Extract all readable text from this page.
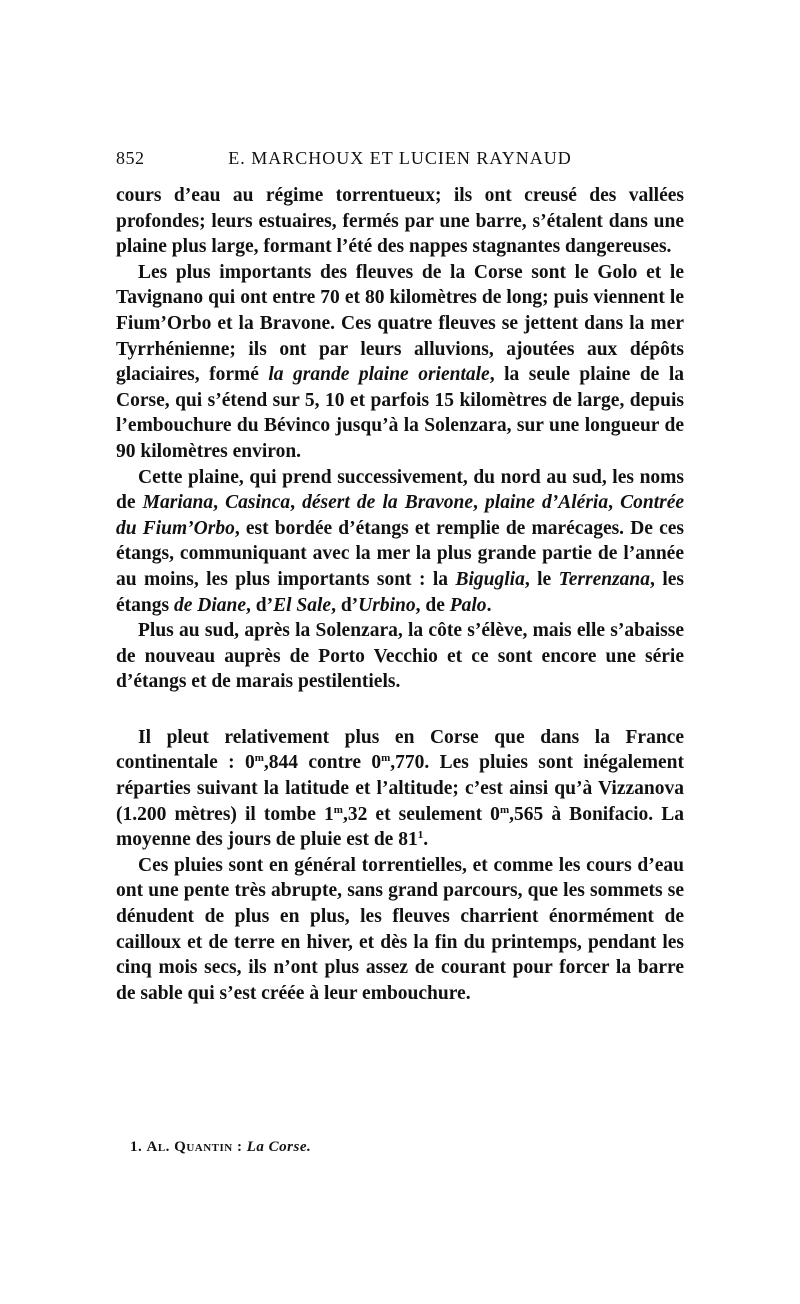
852	E. MARCHOUX ET LUCIEN RAYNAUD

cours d’eau au régime torrentueux; ils ont creusé des vallées profondes; leurs estuaires, fermés par une barre, s’étalent dans une plaine plus large, formant l’été des nappes stagnantes dangereuses.

Les plus importants des fleuves de la Corse sont le Golo et le Tavignano qui ont entre 70 et 80 kilomètres de long; puis viennent le Fium’Orbo et la Bravone. Ces quatre fleuves se jettent dans la mer Tyrrhénienne; ils ont par leurs alluvions, ajoutées aux dépôts glaciaires, formé la grande plaine orientale, la seule plaine de la Corse, qui s’étend sur 5, 10 et parfois 15 kilomètres de large, depuis l’embouchure du Bévinco jusqu’à la Solenzara, sur une longueur de 90 kilomètres environ.

Cette plaine, qui prend successivement, du nord au sud, les noms de Mariana, Casinca, désert de la Bravone, plaine d’Aléria, Contrée du Fium’Orbo, est bordée d’étangs et remplie de marécages. De ces étangs, communiquant avec la mer la plus grande partie de l’année au moins, les plus importants sont : la Biguglia, le Terrenzana, les étangs de Diane, d’El Sale, d’Urbino, de Palo.

Plus au sud, après la Solenzara, la côte s’élève, mais elle s’abaisse de nouveau auprès de Porto Vecchio et ce sont encore une série d’étangs et de marais pestilentiels.

Il pleut relativement plus en Corse que dans la France continentale : 0$^m$,844 contre 0$^m$,770. Les pluies sont inégalement réparties suivant la latitude et l’altitude; c’est ainsi qu’à Vizzanova (1.200 mètres) il tombe 1$^m$,32 et seulement 0$^m$,565 à Bonifacio. La moyenne des jours de pluie est de $81^1$.

Ces pluies sont en général torrentielles, et comme les cours d’eau ont une pente très abrupte, sans grand parcours, que les sommets se dénudent de plus en plus, les fleuves charrient énormément de cailloux et de terre en hiver, et dès la fin du printemps, pendant les cinq mois secs, ils n’ont plus assez de courant pour forcer la barre de sable qui s’est créée à leur embouchure.

1. Al. Quantin : La Corse.
